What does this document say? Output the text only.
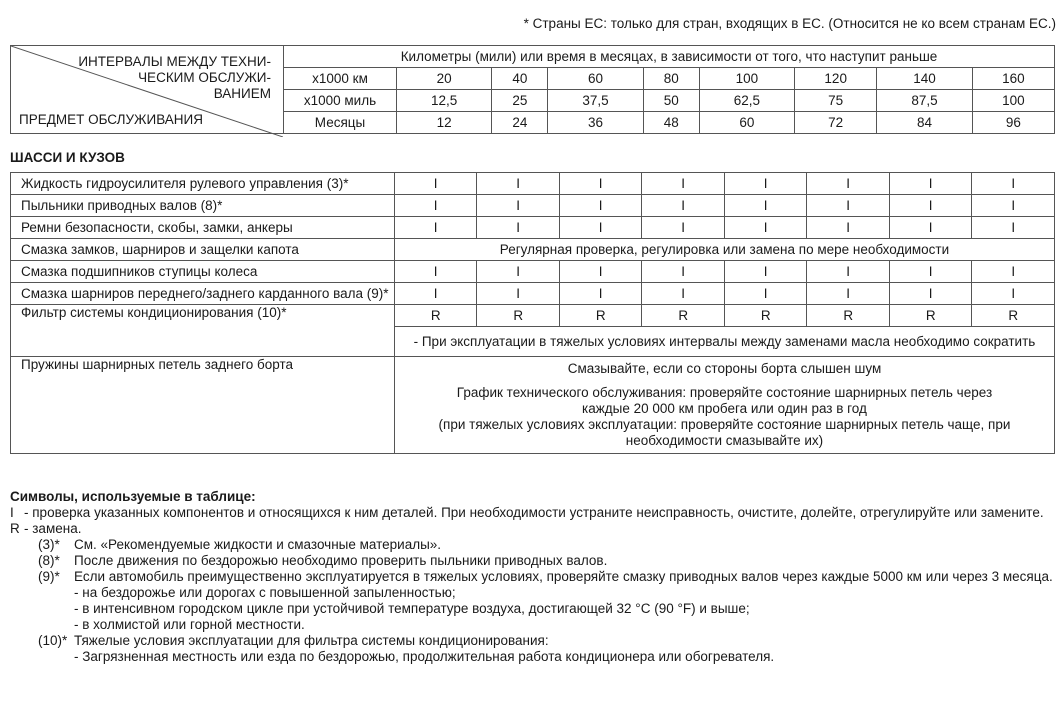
* Страны ЕС: только для стран, входящих в ЕС. (Относится не ко всем странам ЕС.)
ИНТЕРВАЛЫ МЕЖДУ ТЕХНИ-
ЧЕСКИМ ОБСЛУЖИ-
ВАНИЕМ
ПРЕДМЕТ ОБСЛУЖИВАНИЯ	Километры (мили) или время в месяцах, в зависимости от того, что наступит раньше								
	x1000 км	20	40	60	80	100	120	140	160
	x1000 миль	12,5	25	37,5	50	62,5	75	87,5	100
	Месяцы	12	24	36	48	60	72	84	96
ШАССИ И КУЗОВ
Жидкость гидроусилителя рулевого управления (3)*	I	I	I	I	I	I	I	I
Пыльники приводных валов (8)*	I	I	I	I	I	I	I	I
Ремни безопасности, скобы, замки, анкеры	I	I	I	I	I	I	I	I
Смазка замков, шарниров и защелки капота	Регулярная проверка, регулировка или замена по мере необходимости							
Смазка подшипников ступицы колеса	I	I	I	I	I	I	I	I
Смазка шарниров переднего/заднего карданного вала (9)*	I	I	I	I	I	I	I	I
Фильтр системы кондиционирования (10)*	R	R	R	R	R	R	R	R
	- При эксплуатации в тяжелых условиях интервалы между заменами масла необходимо сократить							
Пружины шарнирных петель заднего борта	Смазывайте, если со стороны борта слышен шум
График технического обслуживания: проверяйте состояние шарнирных петель через каждые 20 000 км пробега или один раз в год
(при тяжелых условиях эксплуатации: проверяйте состояние шарнирных петель чаще, при необходимости смазывайте их)							
Символы, используемые в таблице:
I - проверка указанных компонентов и относящихся к ним деталей. При необходимости устраните неисправность, очистите, долейте, отрегулируйте или замените.
R - замена.
(3)*	См. «Рекомендуемые жидкости и смазочные материалы».
(8)*	После движения по бездорожью необходимо проверить пыльники приводных валов.
(9)*	Если автомобиль преимущественно эксплуатируется в тяжелых условиях, проверяйте смазку приводных валов через каждые 5000 км или через 3 месяца.
- на бездорожье или дорогах с повышенной запыленностью;
- в интенсивном городском цикле при устойчивой температуре воздуха, достигающей 32 °C (90 °F) и выше;
- в холмистой или горной местности.
(10)* Тяжелые условия эксплуатации для фильтра системы кондиционирования:
- Загрязненная местность или езда по бездорожью, продолжительная работа кондиционера или обогревателя.
